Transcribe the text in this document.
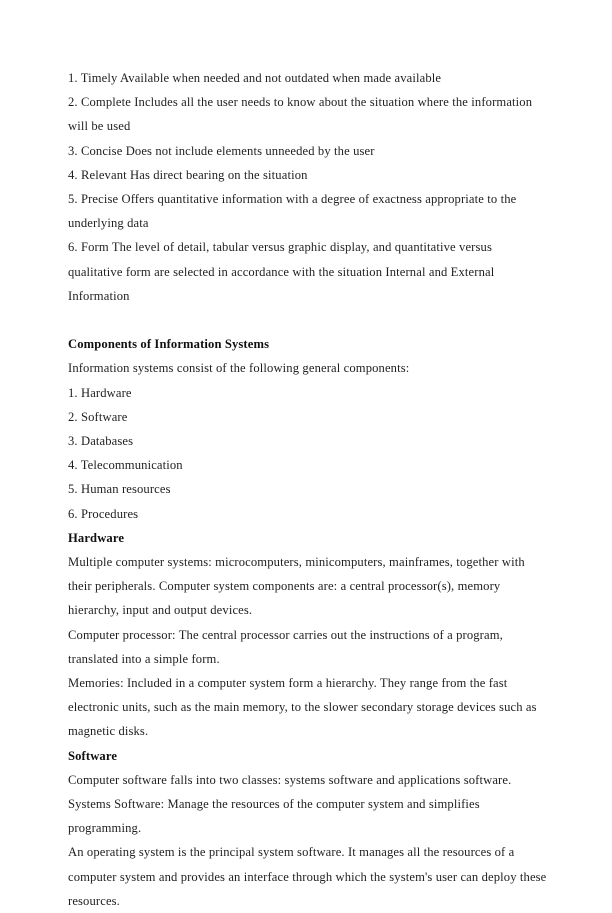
1. Timely Available when needed and not outdated when made available
2. Complete Includes all the user needs to know about the situation where the information will be used
3. Concise Does not include elements unneeded by the user
4. Relevant Has direct bearing on the situation
5. Precise Offers quantitative information with a degree of exactness appropriate to the underlying data
6. Form The level of detail, tabular versus graphic display, and quantitative versus qualitative form are selected in accordance with the situation Internal and External Information
Components of Information Systems
Information systems consist of the following general components:
1. Hardware
2. Software
3. Databases
4. Telecommunication
5. Human resources
6. Procedures
Hardware
Multiple computer systems: microcomputers, minicomputers, mainframes, together with their peripherals. Computer system components are: a central processor(s), memory hierarchy, input and output devices.
Computer processor: The central processor carries out the instructions of a program, translated into a simple form.
Memories: Included in a computer system form a hierarchy. They range from the fast electronic units, such as the main memory, to the slower secondary storage devices such as magnetic disks.
Software
Computer software falls into two classes: systems software and applications software.
Systems Software: Manage the resources of the computer system and simplifies programming.
An operating system is the principal system software. It manages all the resources of a computer system and provides an interface through which the system's user can deploy these resources.
